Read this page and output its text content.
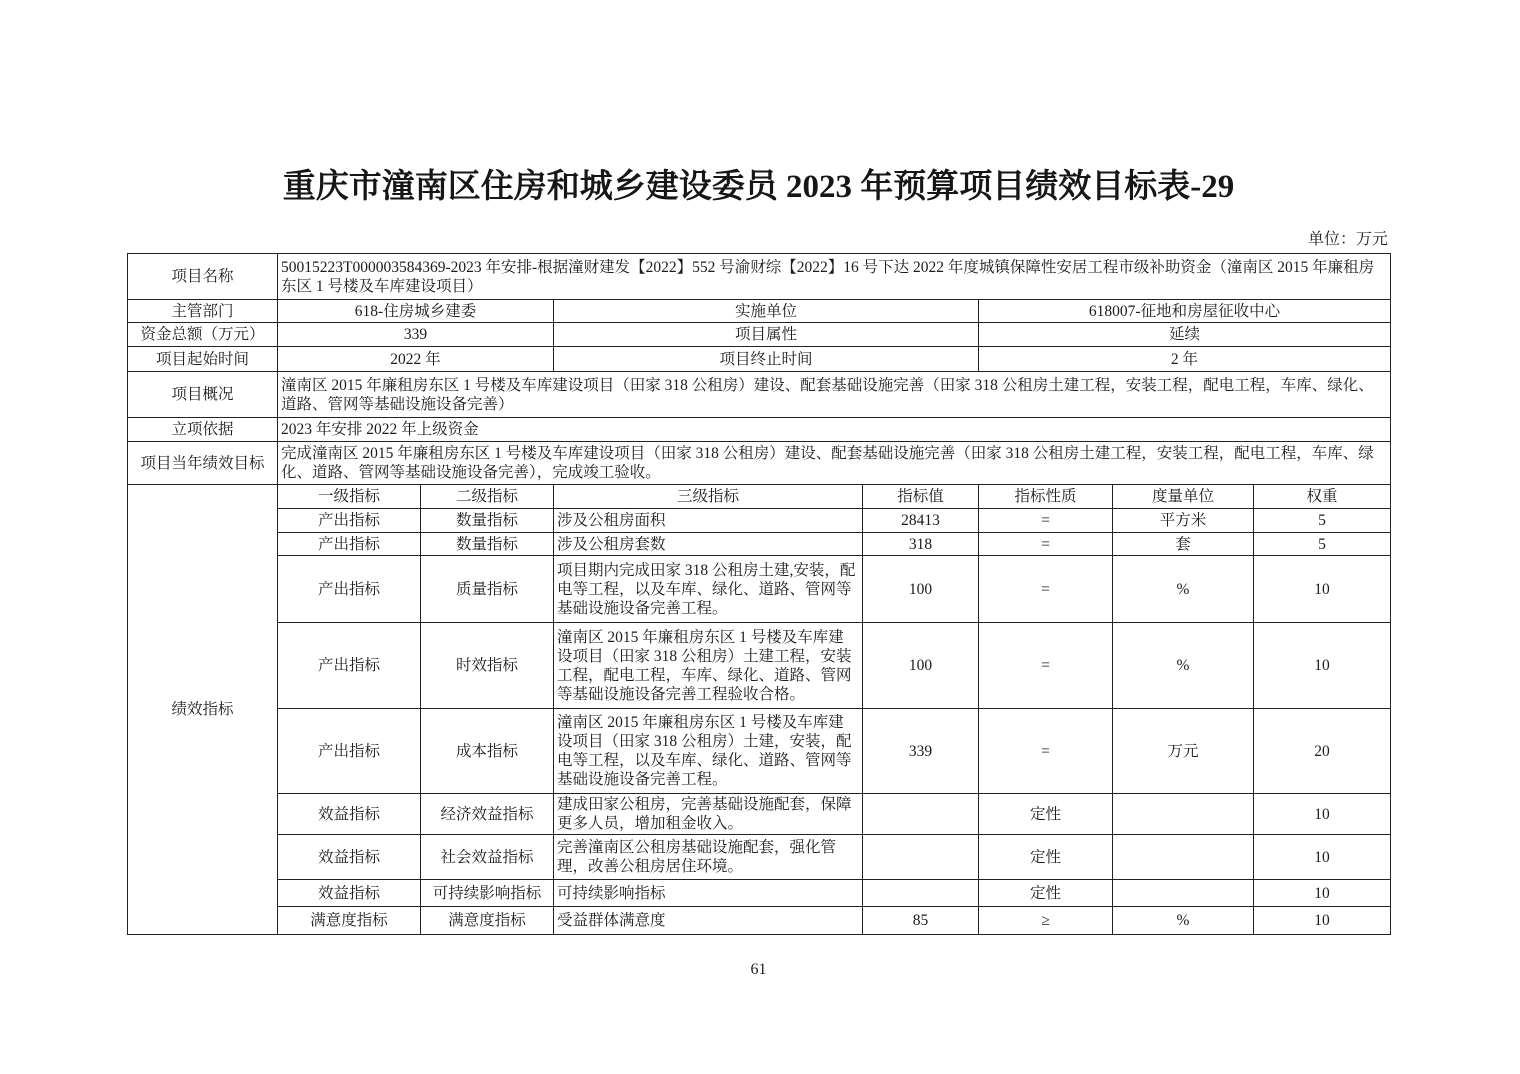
重庆市潼南区住房和城乡建设委员 2023 年预算项目绩效目标表-29
单位：万元
项目名称	50015223T000003584369-2023 年安排-根据潼财建发【2022】552 号渝财综【2022】16 号下达 2022 年度城镇保障性安居工程市级补助资金（潼南区 2015 年廉租房东区 1 号楼及车库建设项目）						
主管部门	618-住房城乡建委		实施单位		618007-征地和房屋征收中心		
资金总额（万元）	339		项目属性		延续		
项目起始时间	2022 年		项目终止时间		2 年		
项目概况	潼南区 2015 年廉租房东区 1 号楼及车库建设项目（田家 318 公租房）建设、配套基础设施完善（田家 318 公租房土建工程，安装工程，配电工程，车库、绿化、道路、管网等基础设施设备完善）						
立项依据	2023 年安排 2022 年上级资金						
项目当年绩效目标	完成潼南区 2015 年廉租房东区 1 号楼及车库建设项目（田家 318 公租房）建设、配套基础设施完善（田家 318 公租房土建工程，安装工程，配电工程，车库、绿化、道路、管网等基础设施设备完善），完成竣工验收。						
绩效指标	一级指标	二级指标	三级指标	指标值	指标性质	度量单位	权重
	产出指标	数量指标	涉及公租房面积	28413	=	平方米	5
	产出指标	数量指标	涉及公租房套数	318	=	套	5
	产出指标	质量指标	项目期内完成田家 318 公租房土建,安装，配电等工程，以及车库、绿化、道路、管网等基础设施设备完善工程。	100	=	%	10
	产出指标	时效指标	潼南区 2015 年廉租房东区 1 号楼及车库建设项目（田家 318 公租房）土建工程，安装工程，配电工程，车库、绿化、道路、管网等基础设施设备完善工程验收合格。	100	=	%	10
	产出指标	成本指标	潼南区 2015 年廉租房东区 1 号楼及车库建设项目（田家 318 公租房）土建，安装，配电等工程，以及车库、绿化、道路、管网等基础设施设备完善工程。	339	=	万元	20
	效益指标	经济效益指标	建成田家公租房，完善基础设施配套，保障更多人员，增加租金收入。		定性		10
	效益指标	社会效益指标	完善潼南区公租房基础设施配套，强化管理，改善公租房居住环境。		定性		10
	效益指标	可持续影响指标	可持续影响指标		定性		10
	满意度指标	满意度指标	受益群体满意度	85	≥	%	10
61
